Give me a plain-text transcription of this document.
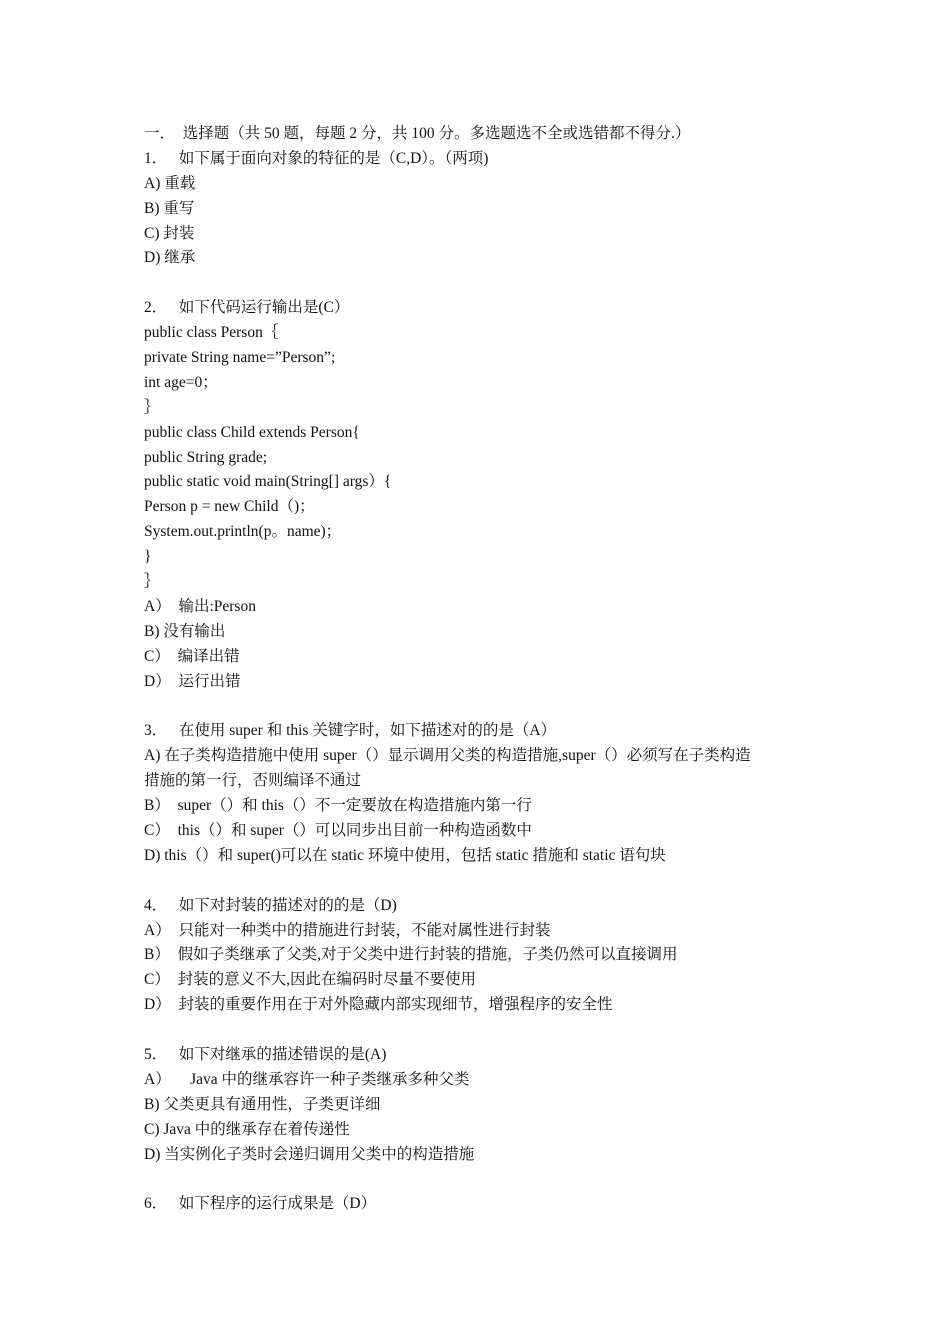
一．  选择题（共 50 题，每题 2 分，共 100 分。多选题选不全或选错都不得分.）
1．   如下属于面向对象的特征的是（C,D）。（两项)
A) 重载
B) 重写
C) 封装
D) 继承
2．   如下代码运行输出是(C）
public class Person｛
private String name=”Person”;
int age=0；
｝
public class Child extends Person{
public String grade;
public static void main(String[] args）{
Person p = new Child（)；
System.out.println(p。name)；
}
｝
A）  输出:Person
B) 没有输出
C）  编译出错
D）  运行出错
3．   在使用 super 和 this 关键字时，如下描述对的的是（A）
A) 在子类构造措施中使用 super（）显示调用父类的构造措施,super（）必须写在子类构造
措施的第一行，否则编译不通过
B）  super（）和 this（）不一定要放在构造措施内第一行
C）  this（）和 super（）可以同步出目前一种构造函数中
D) this（）和 super()可以在 static 环境中使用，包括 static 措施和 static 语句块
4．   如下对封装的描述对的的是（D)
A）  只能对一种类中的措施进行封装，不能对属性进行封装
B）  假如子类继承了父类,对于父类中进行封装的措施，子类仍然可以直接调用
C）  封装的意义不大,因此在编码时尽量不要使用
D）  封装的重要作用在于对外隐藏内部实现细节，增强程序的安全性
5．   如下对继承的描述错误的是(A)
A）     Java 中的继承容许一种子类继承多种父类
B) 父类更具有通用性，子类更详细
C) Java 中的继承存在着传递性
D) 当实例化子类时会递归调用父类中的构造措施
6．   如下程序的运行成果是（D）
